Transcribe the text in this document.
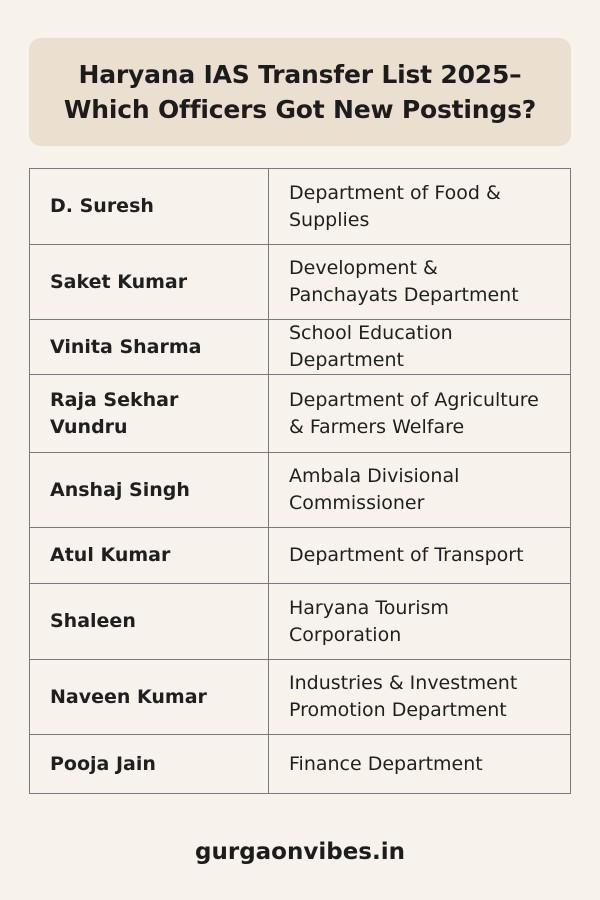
Haryana IAS Transfer List 2025–
Which Officers Got New Postings?
D. Suresh	Department of Food & Supplies
Saket Kumar	Development & Panchayats Department
Vinita Sharma	School Education Department
Raja Sekhar Vundru	Department of Agriculture & Farmers Welfare
Anshaj Singh	Ambala Divisional Commissioner
Atul Kumar	Department of Transport
Shaleen	Haryana Tourism Corporation
Naveen Kumar	Industries & Investment Promotion Department
Pooja Jain	Finance Department
gurgaonvibes.in
